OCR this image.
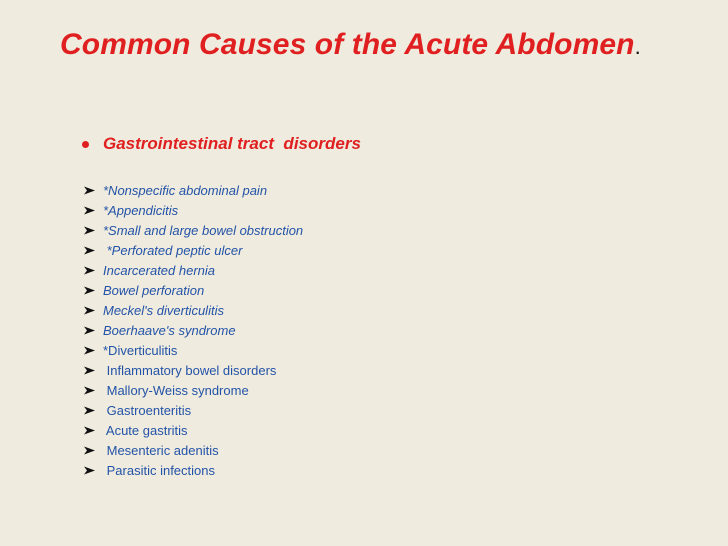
Common Causes of the Acute Abdomen.
Gastrointestinal tract  disorders
*Nonspecific abdominal pain
*Appendicitis
*Small and large bowel obstruction
*Perforated peptic ulcer
Incarcerated hernia
Bowel perforation
Meckel's diverticulitis
Boerhaave's syndrome
*Diverticulitis
Inflammatory bowel disorders
Mallory-Weiss syndrome
Gastroenteritis
Acute gastritis
Mesenteric adenitis
Parasitic infections
